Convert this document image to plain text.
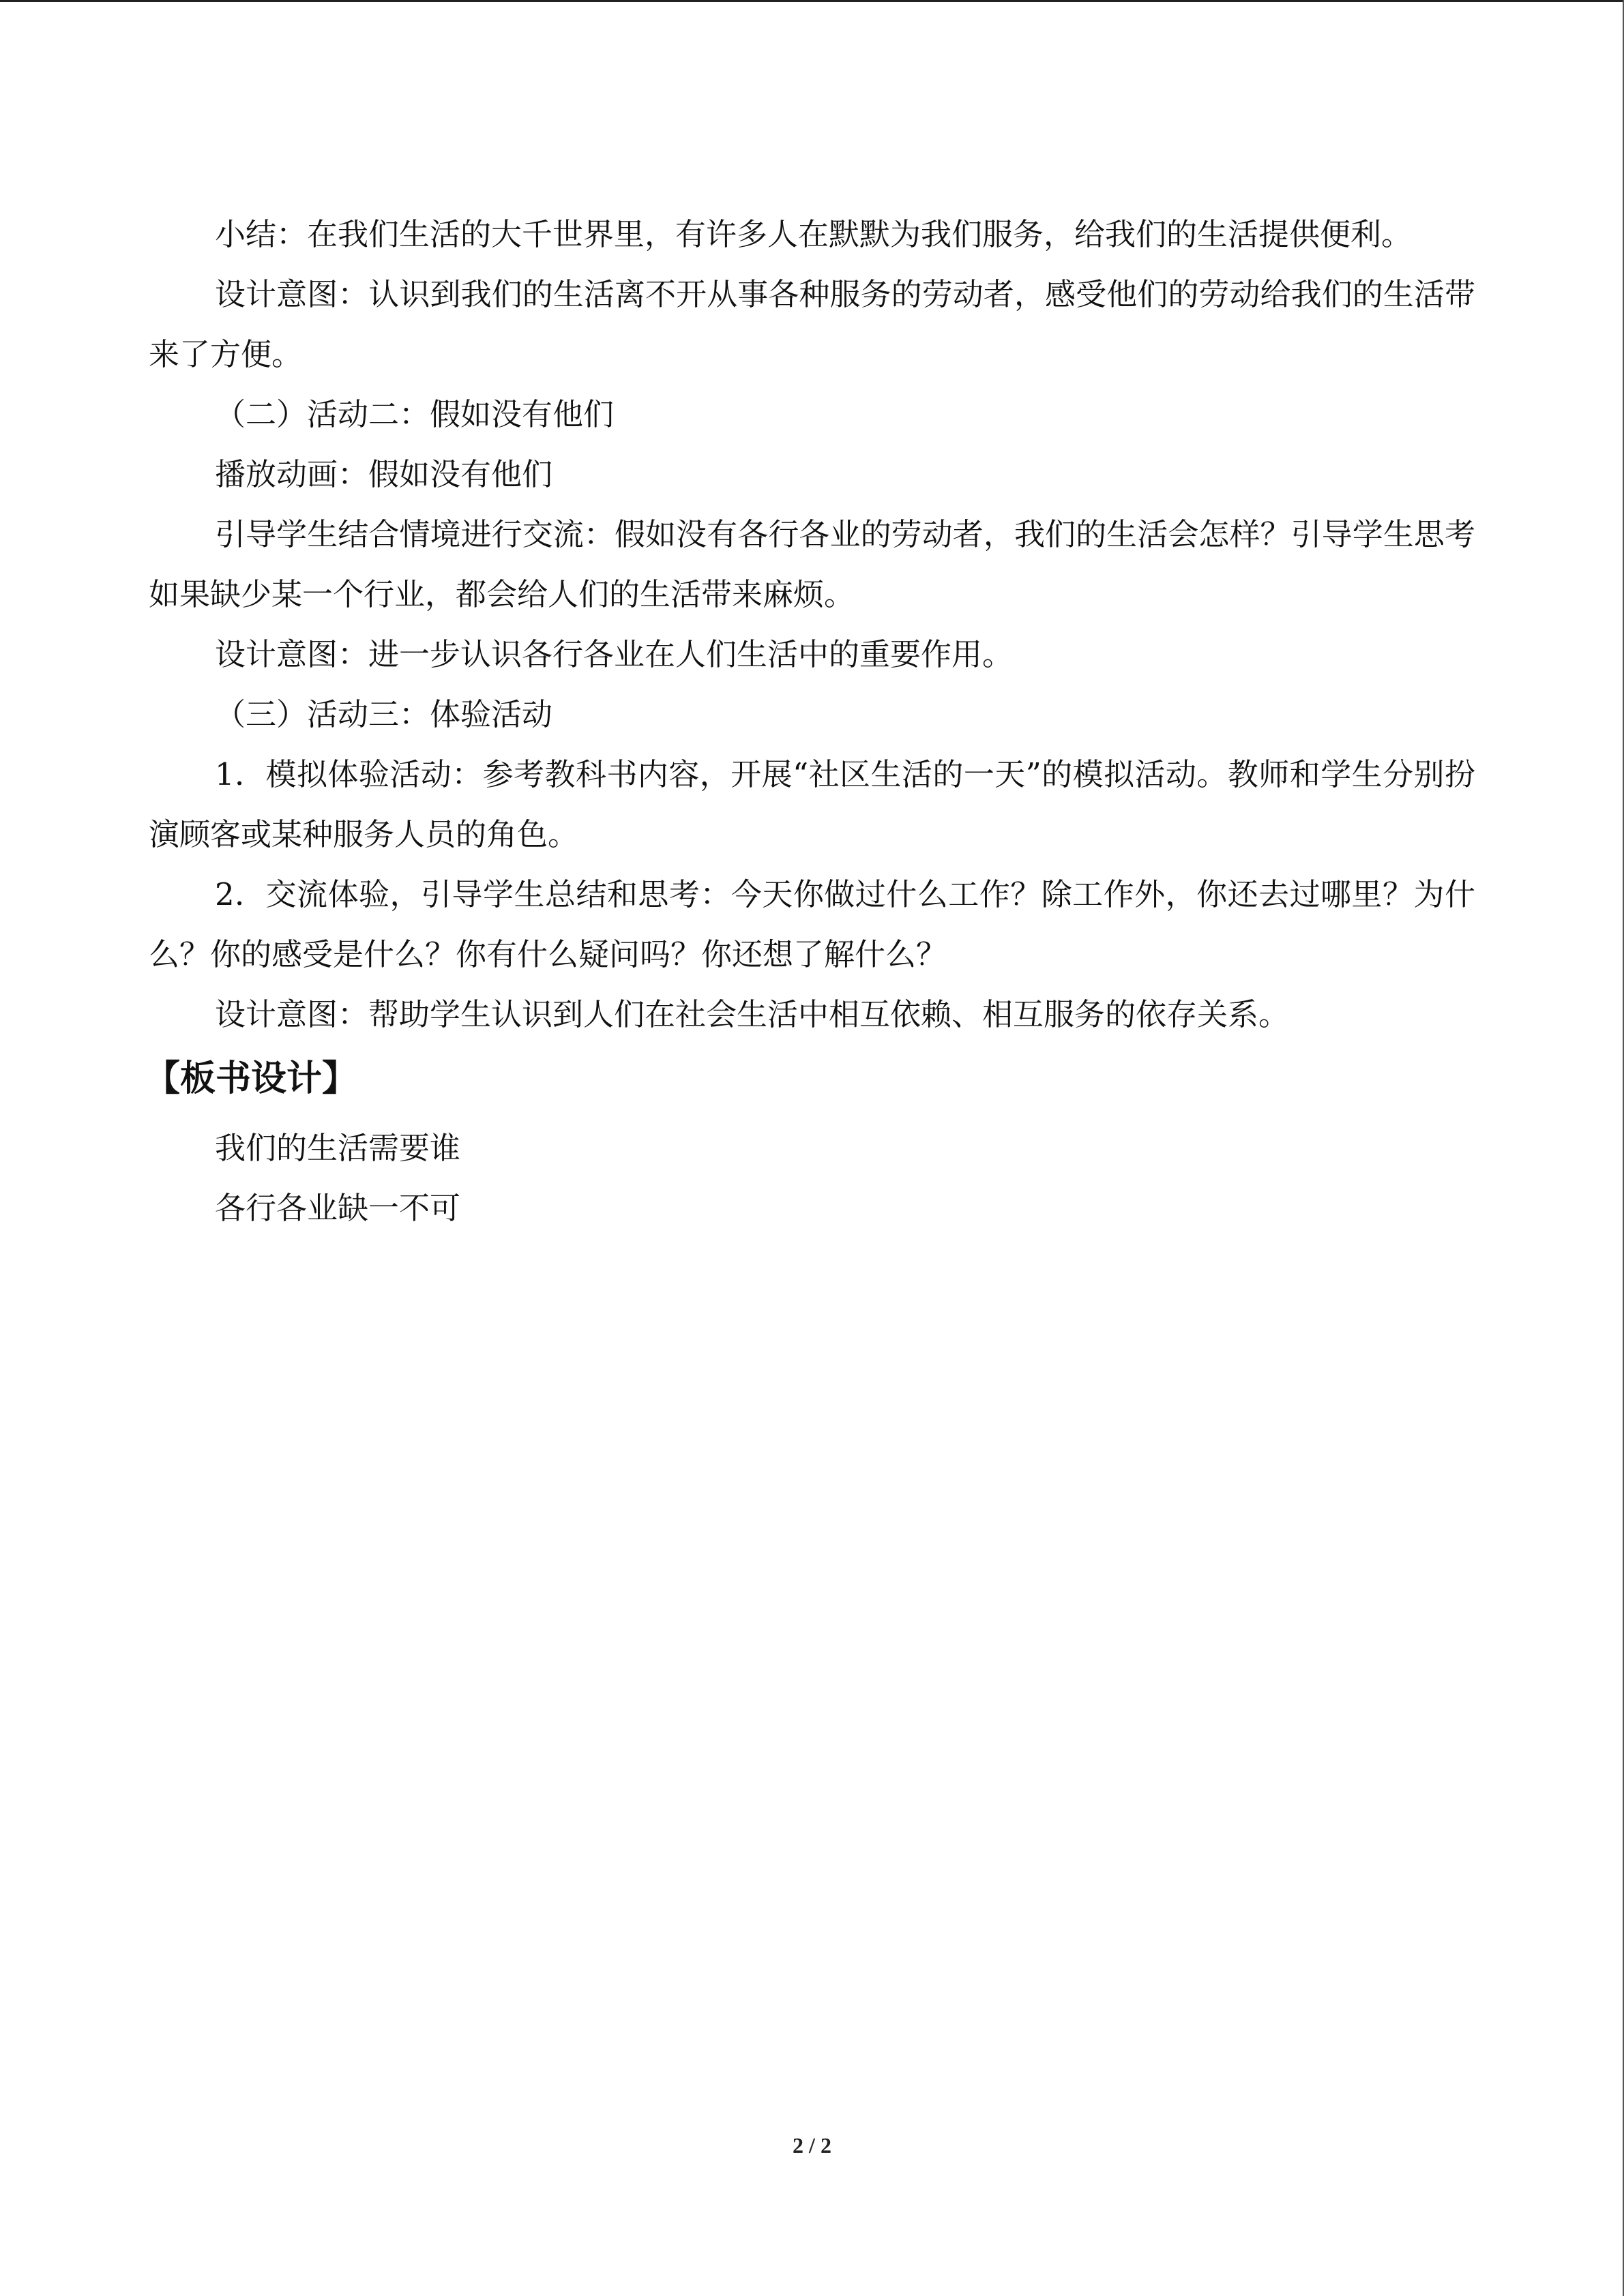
小结：在我们生活的大千世界里，有许多人在默默为我们服务，给我们的生活提供便利。

设计意图：认识到我们的生活离不开从事各种服务的劳动者，感受他们的劳动给我们的生活带来了方便。

（二）活动二：假如没有他们

播放动画：假如没有他们

引导学生结合情境进行交流：假如没有各行各业的劳动者，我们的生活会怎样？引导学生思考如果缺少某一个行业，都会给人们的生活带来麻烦。

设计意图：进一步认识各行各业在人们生活中的重要作用。

（三）活动三：体验活动

1．模拟体验活动：参考教科书内容，开展“社区生活的一天”的模拟活动。教师和学生分别扮演顾客或某种服务人员的角色。

2．交流体验，引导学生总结和思考：今天你做过什么工作？除工作外，你还去过哪里？为什么？你的感受是什么？你有什么疑问吗？你还想了解什么？

设计意图：帮助学生认识到人们在社会生活中相互依赖、相互服务的依存关系。

【板书设计】

我们的生活需要谁

各行各业缺一不可

2 / 2
